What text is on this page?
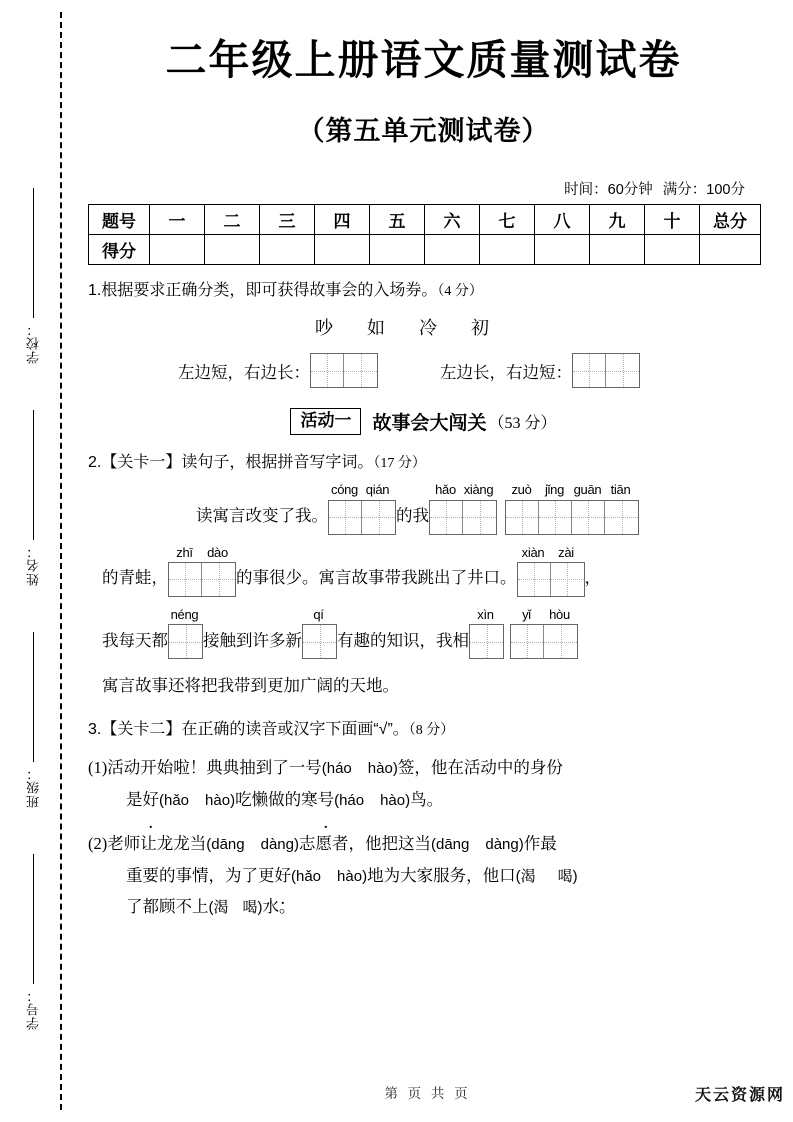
学校：
姓名：
班级：
学号：
二年级上册语文质量测试卷
（第五单元测试卷）
时间：60分钟 满分：100分
题号	一	二	三	四	五	六	七	八	九	十	总分
得分											
1.根据要求正确分类，即可获得故事会的入场券。（4 分）
吵 如 冷 初
左边短，右边长：	左边长，右边短：
活动一	故事会大闯关 （53 分）
2.【关卡一】读句子，根据拼音写字词。（17 分）
读寓言改变了我。
cóng qián
的我
hǎo xiàng	zuò	jǐng guān tiān
的青蛙，
zhī	dào
的事很少。寓言故事带我跳出了井口。
xiàn	zài
，
我每天都
néng
接触到许多新
qí
有趣的知识，我相
xìn	yǐ	hòu
寓言故事还将把我带到更加广阔的天地。
3.【关卡二】在正确的读音或汉字下面画“√”。（8 分）
(1)活动开始啦！典典抽到了一号(háo hào)签，他在活动中的身份
是好(hǎo hào)吃懒做的寒号(háo hào)鸟。
(2)老师让龙龙当(dāng dàng)志愿者，他把这当(dāng dàng)作最
重要的事情，为了更好(hǎo hào)地为大家服务，他口(渴 喝)
了都顾不上(渴 喝)水。
第 页 共 页	天云资源网
